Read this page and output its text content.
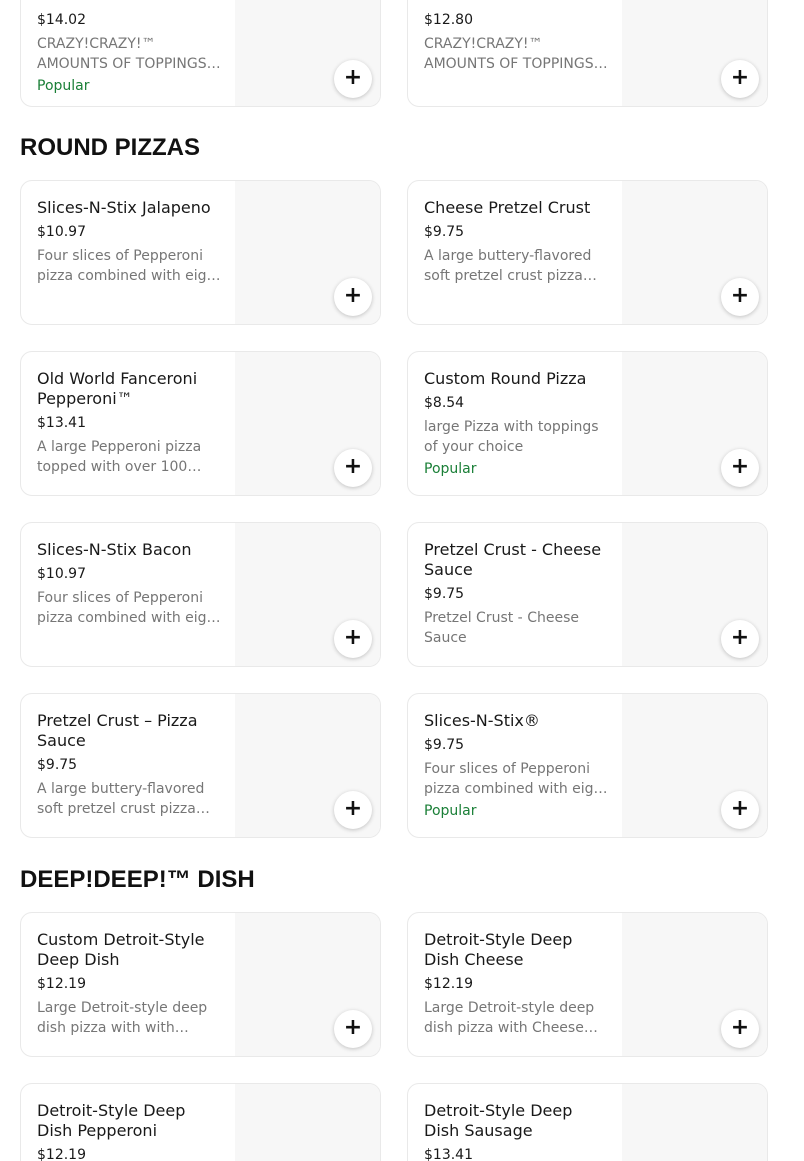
$14.02
CRAZY!CRAZY!™ AMOUNTS OF TOPPINGS…
Popular	+
$12.80
CRAZY!CRAZY!™ AMOUNTS OF TOPPINGS…
+
ROUND PIZZAS
Slices-N-Stix Jalapeno
$10.97
Four slices of Pepperoni pizza combined with eig…
+
Cheese Pretzel Crust
$9.75
A large buttery-flavored soft pretzel crust pizza…
+
Old World Fanceroni Pepperoni™
$13.41
A large Pepperoni pizza topped with over 100…	+
Custom Round Pizza
$8.54
large Pizza with toppings of your choice
Popular	+
Slices-N-Stix Bacon
$10.97
Four slices of Pepperoni pizza combined with eig…
+
Pretzel Crust - Cheese Sauce
$9.75
Pretzel Crust - Cheese Sauce	+
Pretzel Crust – Pizza Sauce
$9.75
A large buttery-flavored soft pretzel crust pizza…	+
Slices-N-Stix®
$9.75
Four slices of Pepperoni pizza combined with eig…
Popular	+
DEEP!DEEP!™ DISH
Custom Detroit-Style Deep Dish
$12.19
Large Detroit-style deep dish pizza with with…	+
Detroit-Style Deep Dish Cheese
$12.19
Large Detroit-style deep dish pizza with Cheese…	+
Detroit-Style Deep Dish Pepperoni
$12.19
Detroit-Style Deep Dish Sausage
$13.41
